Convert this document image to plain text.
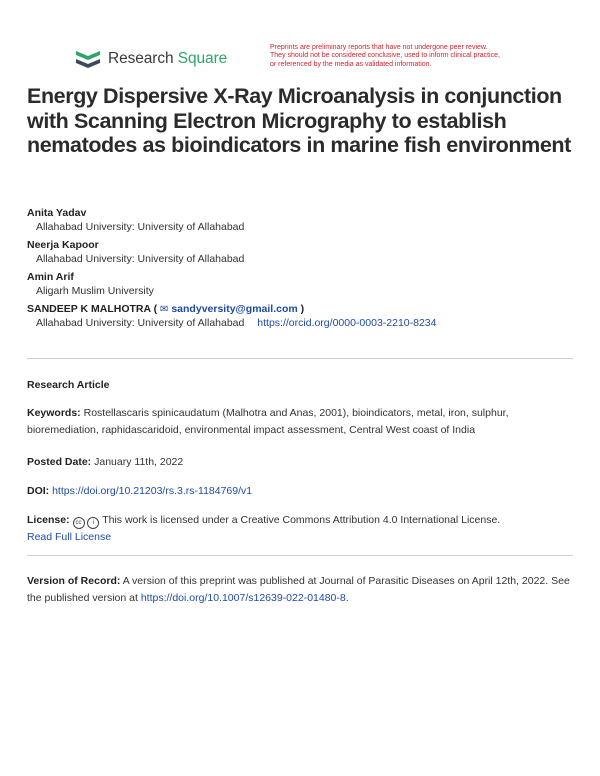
Research Square
Preprints are preliminary reports that have not undergone peer review.
They should not be considered conclusive, used to inform clinical practice,
or referenced by the media as validated information.
Energy Dispersive X-Ray Microanalysis in conjunction with Scanning Electron Micrography to establish nematodes as bioindicators in marine fish environment
Anita Yadav
Allahabad University: University of Allahabad
Neerja Kapoor
Allahabad University: University of Allahabad
Amin Arif
Aligarh Muslim University
SANDEEP K MALHOTRA ( ✉ sandyversity@gmail.com )
Allahabad University: University of Allahabad https://orcid.org/0000-0003-2210-8234
Research Article
Keywords: Rostellascaris spinicaudatum (Malhotra and Anas, 2001), bioindicators, metal, iron, sulphur, bioremediation, raphidascaridoid, environmental impact assessment, Central West coast of India
Posted Date: January 11th, 2022
DOI: https://doi.org/10.21203/rs.3.rs-1184769/v1
License: cc i This work is licensed under a Creative Commons Attribution 4.0 International License.
Read Full License
Version of Record: A version of this preprint was published at Journal of Parasitic Diseases on April 12th, 2022. See the published version at https://doi.org/10.1007/s12639-022-01480-8.
